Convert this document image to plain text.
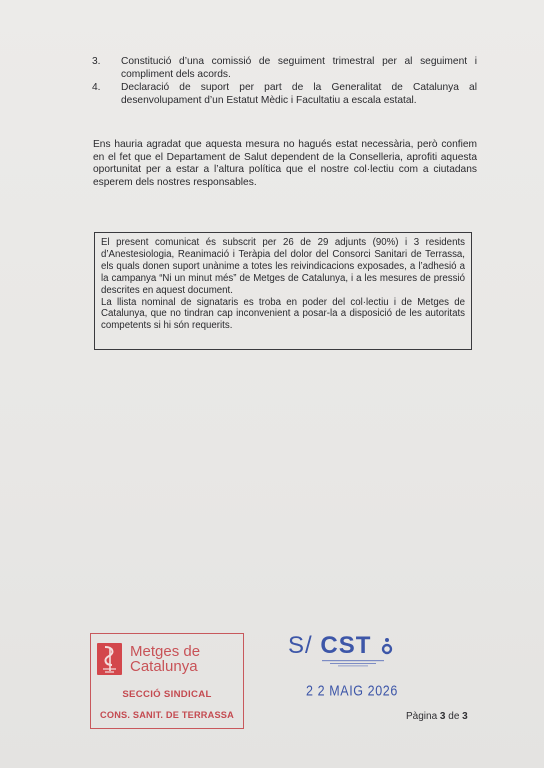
3. Constitució d’una comissió de seguiment trimestral per al seguiment i compliment dels acords.
4. Declaració de suport per part de la Generalitat de Catalunya al desenvolupament d’un Estatut Mèdic i Facultatiu a escala estatal.
Ens hauria agradat que aquesta mesura no hagués estat necessària, però confiem en el fet que el Departament de Salut dependent de la Conselleria, aprofiti aquesta oportunitat per a estar a l’altura política que el nostre col·lectiu com a ciutadans esperem dels nostres responsables.

El present comunicat és subscrit per 26 de 29 adjunts (90%) i 3 residents d’Anestesiologia, Reanimació i Teràpia del dolor del Consorci Sanitari de Terrassa, els quals donen suport unànime a totes les reivindicacions exposades, a l’adhesió a la campanya “Ni un minut més” de Metges de Catalunya, i a les mesures de pressió descrites en aquest document.

La llista nominal de signataris es troba en poder del col·lectiu i de Metges de Catalunya, que no tindran cap inconvenient a posar-la a disposició de les autoritats competents si hi són requerits.

Metges de
Catalunya
SECCIÓ SINDICAL
CONS. SANIT. DE TERRASSA
S/ CST
2 2 MAIG 2026
Pàgina 3 de 3
